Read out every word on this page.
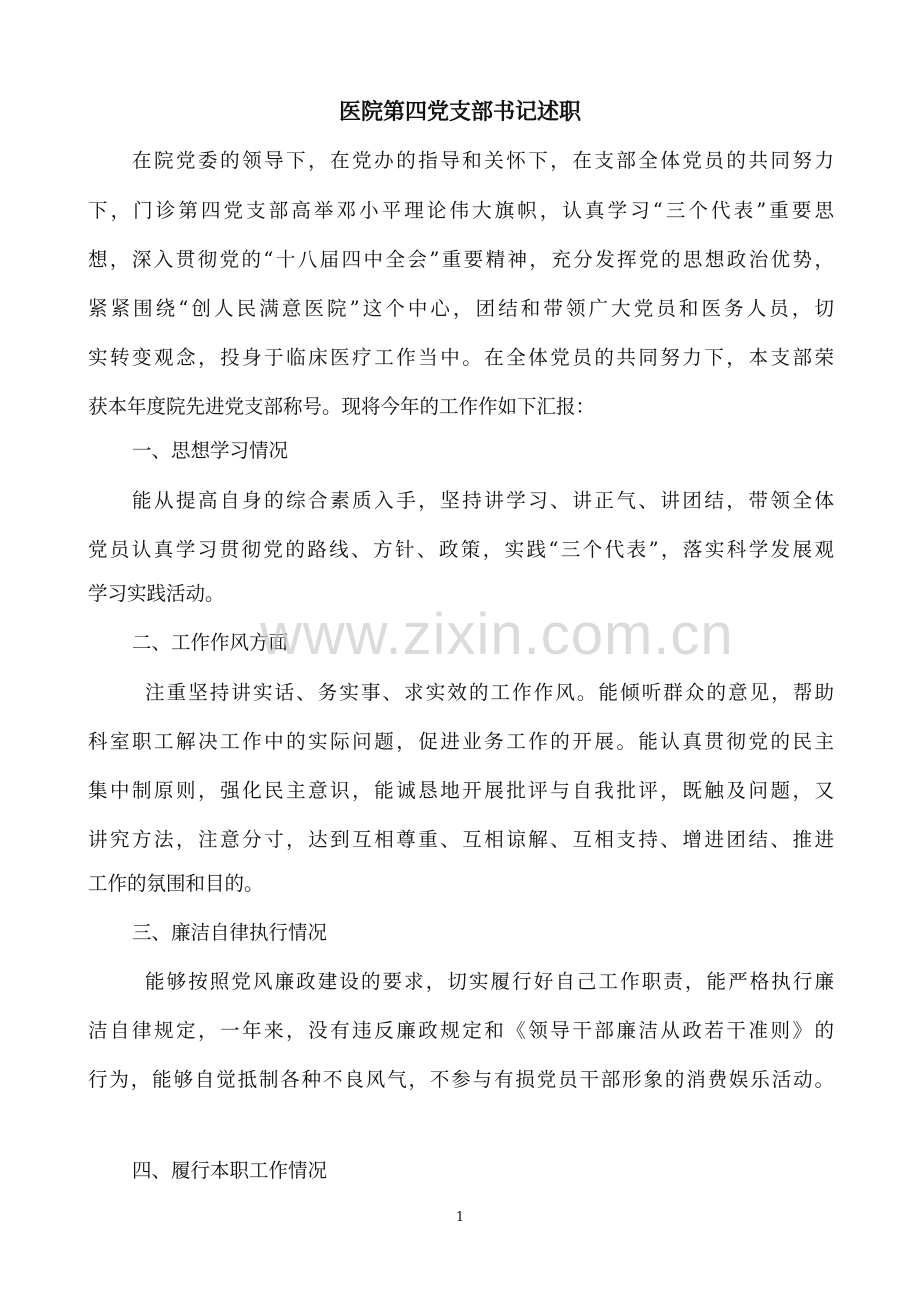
医院第四党支部书记述职
在院党委的领导下，在党办的指导和关怀下，在支部全体党员的共同努力
下，门诊第四党支部高举邓小平理论伟大旗帜，认真学习“三个代表”重要思
想，深入贯彻党的“十八届四中全会”重要精神，充分发挥党的思想政治优势，
紧紧围绕“创人民满意医院”这个中心，团结和带领广大党员和医务人员，切
实转变观念，投身于临床医疗工作当中。在全体党员的共同努力下，本支部荣
获本年度院先进党支部称号。现将今年的工作作如下汇报：
一、思想学习情况
能从提高自身的综合素质入手，坚持讲学习、讲正气、讲团结，带领全体
党员认真学习贯彻党的路线、方针、政策，实践“三个代表”，落实科学发展观
学习实践活动。
二、工作作风方面
注重坚持讲实话、务实事、求实效的工作作风。能倾听群众的意见，帮助
科室职工解决工作中的实际问题，促进业务工作的开展。能认真贯彻党的民主
集中制原则，强化民主意识，能诚恳地开展批评与自我批评，既触及问题，又
讲究方法，注意分寸，达到互相尊重、互相谅解、互相支持、增进团结、推进
工作的氛围和目的。
三、廉洁自律执行情况
能够按照党风廉政建设的要求，切实履行好自己工作职责，能严格执行廉
洁自律规定，一年来，没有违反廉政规定和《领导干部廉洁从政若干准则》的
行为，能够自觉抵制各种不良风气，不参与有损党员干部形象的消费娱乐活动。
四、履行本职工作情况
www.zixin.com.cn
1
